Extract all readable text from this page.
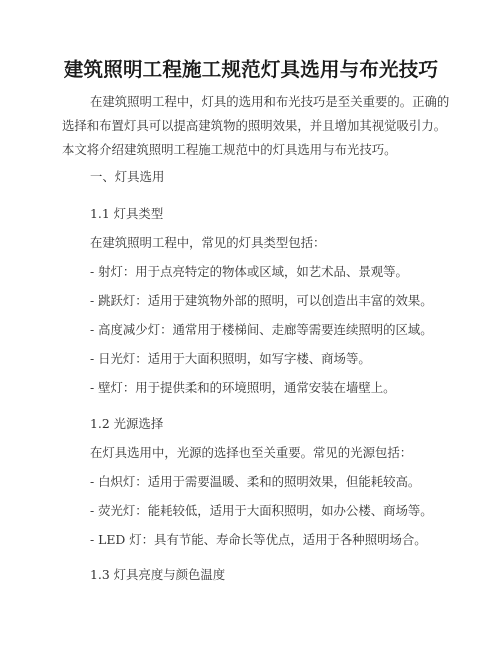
建筑照明工程施工规范灯具选用与布光技巧
在建筑照明工程中，灯具的选用和布光技巧是至关重要的。正确的
选择和布置灯具可以提高建筑物的照明效果，并且增加其视觉吸引力。
本文将介绍建筑照明工程施工规范中的灯具选用与布光技巧。
一、灯具选用
1.1 灯具类型
在建筑照明工程中，常见的灯具类型包括：
- 射灯：用于点亮特定的物体或区域，如艺术品、景观等。
- 跳跃灯：适用于建筑物外部的照明，可以创造出丰富的效果。
- 高度减少灯：通常用于楼梯间、走廊等需要连续照明的区域。
- 日光灯：适用于大面积照明，如写字楼、商场等。
- 壁灯：用于提供柔和的环境照明，通常安装在墙壁上。
1.2 光源选择
在灯具选用中，光源的选择也至关重要。常见的光源包括：
- 白炽灯：适用于需要温暖、柔和的照明效果，但能耗较高。
- 荧光灯：能耗较低，适用于大面积照明，如办公楼、商场等。
- LED 灯：具有节能、寿命长等优点，适用于各种照明场合。
1.3 灯具亮度与颜色温度
